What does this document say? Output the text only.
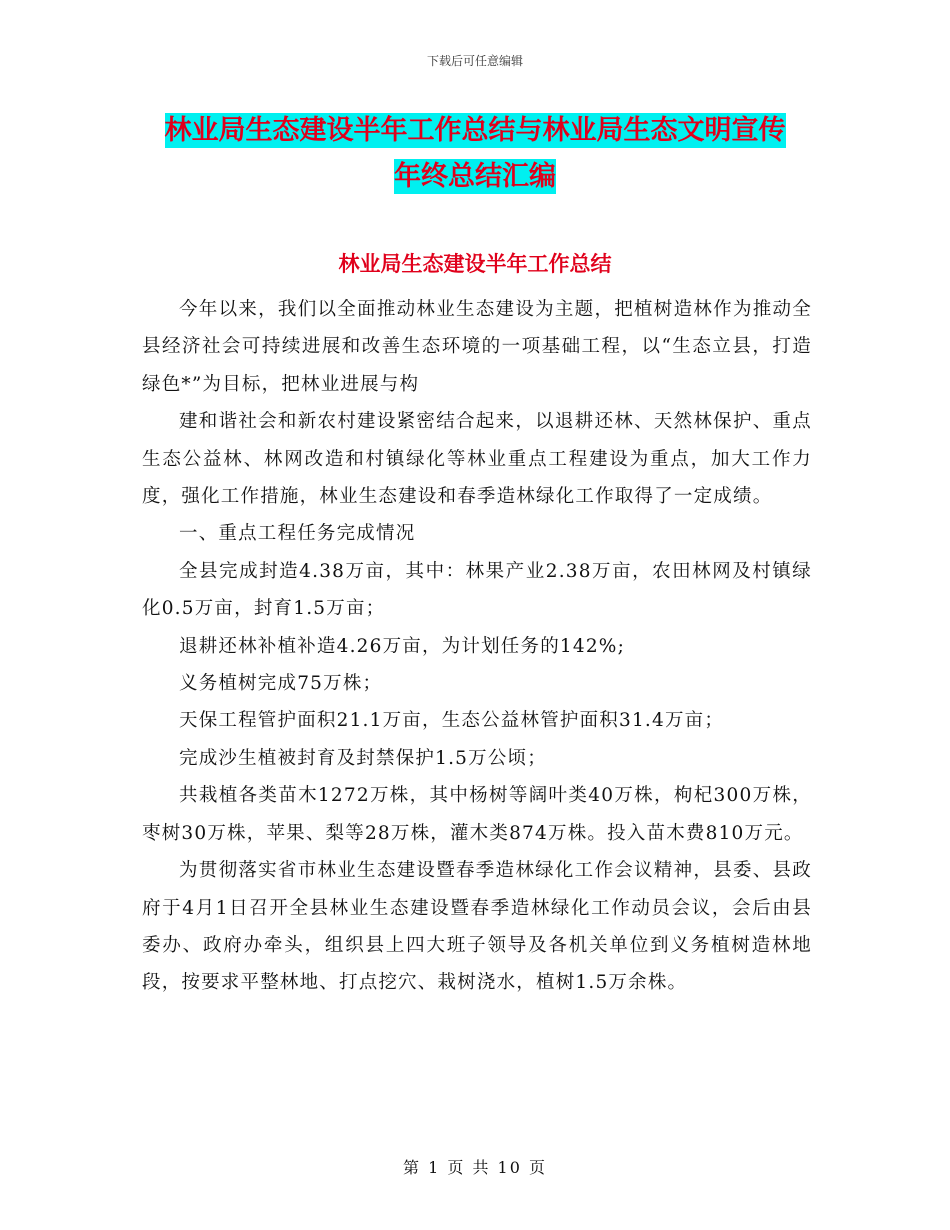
下载后可任意编辑
林业局生态建设半年工作总结与林业局生态文明宣传
年终总结汇编
林业局生态建设半年工作总结

今年以来，我们以全面推动林业生态建设为主题，把植树造林作为推动全县经济社会可持续进展和改善生态环境的一项基础工程，以“生态立县，打造绿色*”为目标，把林业进展与构

建和谐社会和新农村建设紧密结合起来，以退耕还林、天然林保护、重点生态公益林、林网改造和村镇绿化等林业重点工程建设为重点，加大工作力度，强化工作措施，林业生态建设和春季造林绿化工作取得了一定成绩。

一、重点工程任务完成情况

全县完成封造4.38万亩，其中：林果产业2.38万亩，农田林网及村镇绿化0.5万亩，封育1.5万亩；

退耕还林补植补造4.26万亩，为计划任务的142%;

义务植树完成75万株；

天保工程管护面积21.1万亩，生态公益林管护面积31.4万亩；

完成沙生植被封育及封禁保护1.5万公顷；

共栽植各类苗木1272万株，其中杨树等阔叶类40万株，枸杞300万株，枣树30万株，苹果、梨等28万株，灌木类874万株。投入苗木费810万元。

为贯彻落实省市林业生态建设暨春季造林绿化工作会议精神，县委、县政府于4月1日召开全县林业生态建设暨春季造林绿化工作动员会议，会后由县委办、政府办牵头，组织县上四大班子领导及各机关单位到义务植树造林地段，按要求平整林地、打点挖穴、栽树浇水，植树1.5万余株。

第 1 页 共 10 页
